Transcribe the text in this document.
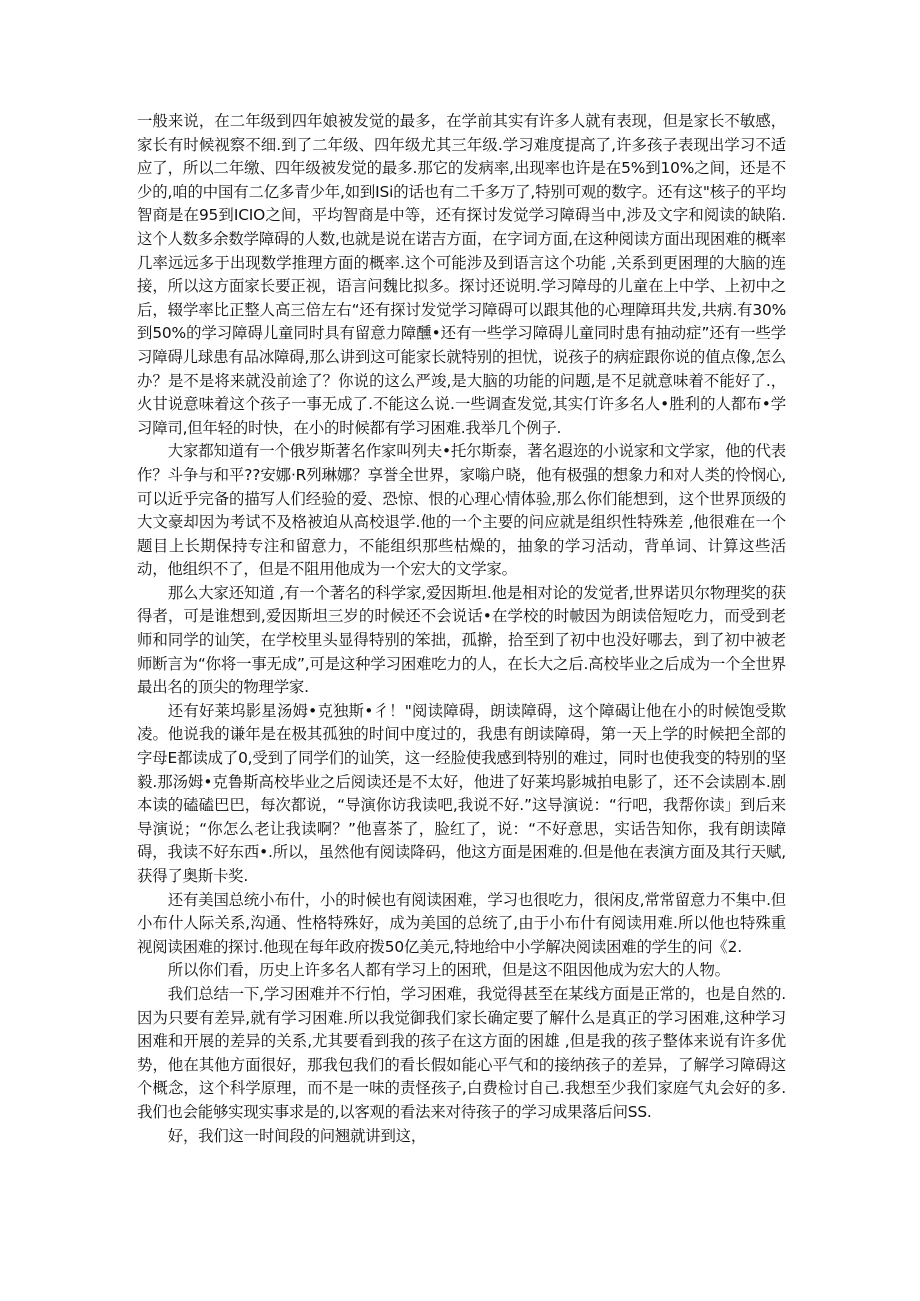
一般来说，在二年级到四年娘被发觉的最多，在学前其实有许多人就有表现，但是家长不敏感，家长有时候视察不细.到了二年级、四年级尤其三年级.学习难度提高了,许多孩子表现出学习不适应了，所以二年缴、四年级被发觉的最多.那它的发病率,出现率也许是在5%到10%之间，还是不少的,咱的中国有二亿多青少年,如到ISi的话也有二千多万了,特别可观的数字。还有这"核子的平均智商是在95到ICIO之间，平均智商是中等，还有探讨发觉学习障碍当中,涉及文字和阅读的缺陷.这个人数多余数学障碍的人数,也就是说在诺吉方面，在字词方面,在这种阅读方面出现困难的概率几率远远多于出现数学推理方面的概率.这个可能涉及到语言这个功能 ,关系到更困理的大脑的连接，所以这方面家长要正视，语言问魏比拟多。探讨还说明.学习障母的儿童在上中学、上初中之后，辍学率比正整人高三倍左右“还有探讨发觉学习障碍可以跟其他的心理障珥共发,共病.有30%到50%的学习障碍儿童同时具有留意力障醺•还有一些学习障碍儿童同时患有抽动症”还有一些学习障碍儿球患有品冰障碍,那么讲到这可能家长就特别的担忧，说孩子的病症跟你说的值点像,怎么办？是不是将来就没前途了？你说的这么严竣,是大脑的功能的问题,是不足就意味着不能好了.，火甘说意味着这个孩子一事无成了.不能这么说.一些调查发觉,其实仃许多名人•胜利的人都布•学习障司,但年轻的时快，在小的时候都有学习困难.我举几个例子.

大家都知道有一个俄岁斯著名作家叫列夫•托尔斯泰，著名遐迩的小说家和文学家，他的代表作？斗争与和平??安娜·R列琳娜？享誉全世界，家嗡户晓，他有极强的想象力和对人类的怜悯心,可以近乎完备的描写人们经验的爱、恐惊、恨的心理心情体验,那么你们能想到，这个世界顶级的大文豪却因为考试不及格被迫从高校退学.他的一个主要的问应就是组织性特殊差 ,他很难在一个题目上长期保持专注和留意力，不能组织那些枯燥的，抽象的学习活动，背单词、计算这些活动，他组织不了，但是不阻用他成为一个宏大的文学家。

那么大家还知道 ,有一个著名的科学家,爱因斯坦.他是相对论的发觉者,世界诺贝尔物理奖的获得者，可是谁想到,爱因斯坦三岁的时候还不会说话•在学校的时帔因为朗读倍短吃力，而受到老师和同学的讪笑，在学校里头显得特别的笨拙，孤擀，拾至到了初中也没好哪去，到了初中被老师断言为“你将一事无成”,可是这种学习困难吃力的人，在长大之后.高校毕业之后成为一个全世界最出名的顶尖的物理学家.

还有好莱坞影星汤姆•克独斯•彳！"阅读障碍，朗读障碍，这个障碣让他在小的时候饱受欺凌。他说我的谦年是在极其孤独的时间中度过的，我患有朗读障碍，第一天上学的时候把全部的字母E都读成了0,受到了同学们的讪笑，这一经脸使我感到特别的难过，同时也使我变的特别的坚毅.那汤姆•克鲁斯高校毕业之后阅读还是不太好，他进了好莱坞影城拍电影了，还不会读剧本.剧本读的磕磕巴巴，每次都说，“导演你访我读吧,我说不好.”这导演说：“行吧，我帮你读」到后来导演说；“你怎么老让我读啊？”他喜茶了，脸红了，说：“不好意思，实话告知你，我有朗读障碍，我读不好东西•.所以，虽然他有阅读降码，他这方面是困难的.但是他在表演方面及其行天赋,获得了奥斯卡奖.

还有美国总统小布什，小的时候也有阅读困难，学习也很吃力，很闲皮,常常留意力不集中.但小布什人际关系,沟通、性格特殊好，成为美国的总统了,由于小布什有阅读用难.所以他也特殊重视阅读困难的探讨.他现在每年政府拨50亿美元,特地给中小学解决阅读困难的学生的问《2.

所以你们看，历史上许多名人都有学习上的困玳，但是这不阻因他成为宏大的人物。

我们总结一下,学习困难并不行怕，学习困难，我觉得甚至在某线方面是正常的，也是自然的.因为只要有差异,就有学习困难.所以我觉御我们家长确定要了解什么是真正的学习困难,这种学习困难和开展的差异的关系,尤其要看到我的孩子在这方面的困雄 ,但是我的孩子整体来说有许多优势，他在其他方面很好，那我包我们的看长假如能心平气和的接纳孩子的差异，了解学习障碍这个概念，这个科学原理，而不是一味的责怪孩子,白费检讨自己.我想至少我们家庭气丸会好的多.我们也会能够实现实事求是的,以客观的看法来对待孩子的学习成果落后问SS.

好，我们这一时间段的问翘就讲到这，
